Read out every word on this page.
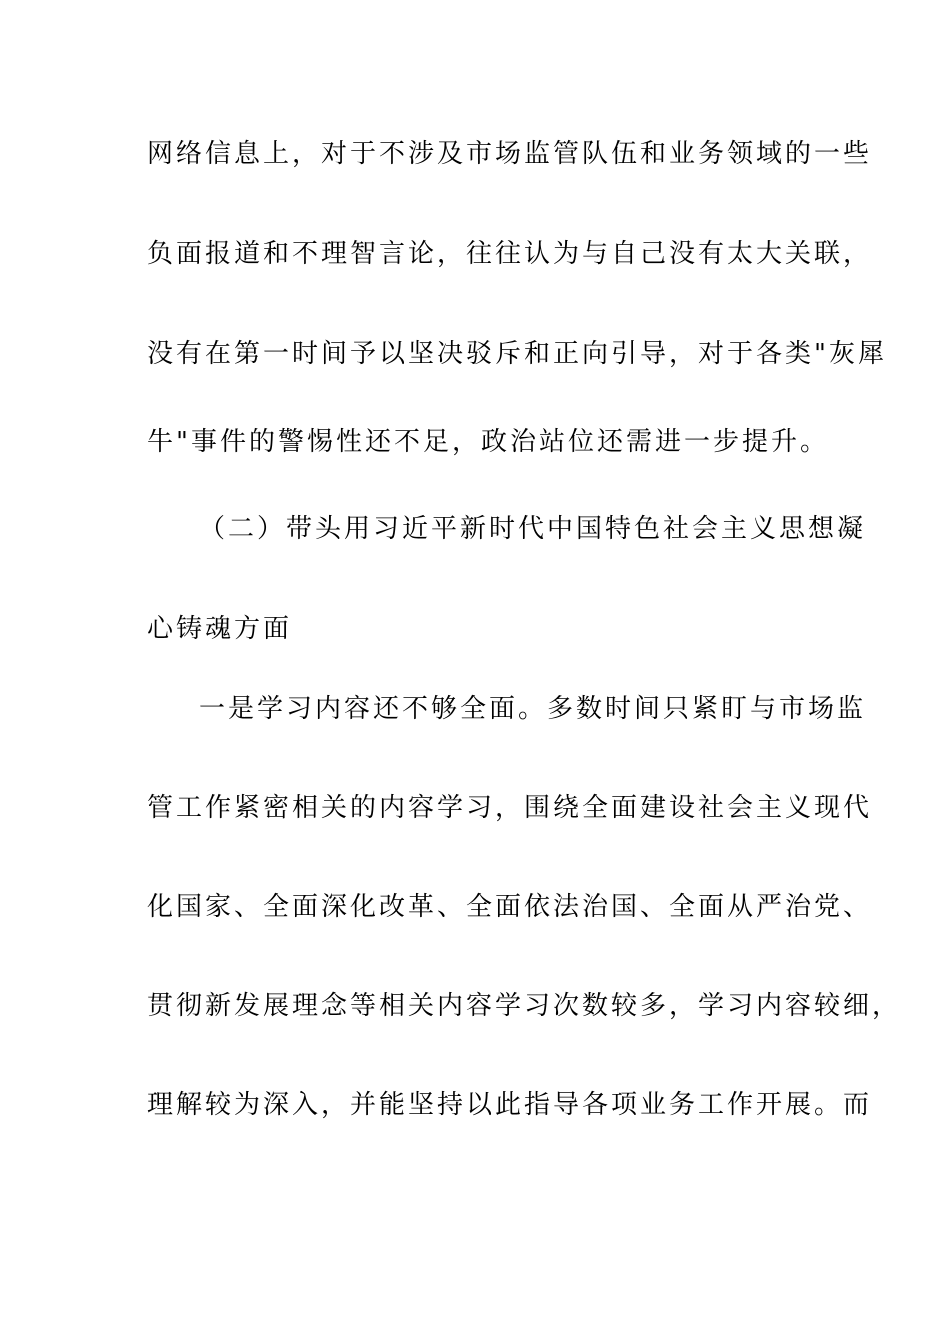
网络信息上，对于不涉及市场监管队伍和业务领域的一些
负面报道和不理智言论，往往认为与自己没有太大关联，
没有在第一时间予以坚决驳斥和正向引导，对于各类"灰犀
牛"事件的警惕性还不足，政治站位还需进一步提升。
（二）带头用习近平新时代中国特色社会主义思想凝
心铸魂方面
一是学习内容还不够全面。多数时间只紧盯与市场监
管工作紧密相关的内容学习，围绕全面建设社会主义现代
化国家、全面深化改革、全面依法治国、全面从严治党、
贯彻新发展理念等相关内容学习次数较多，学习内容较细，
理解较为深入，并能坚持以此指导各项业务工作开展。而
